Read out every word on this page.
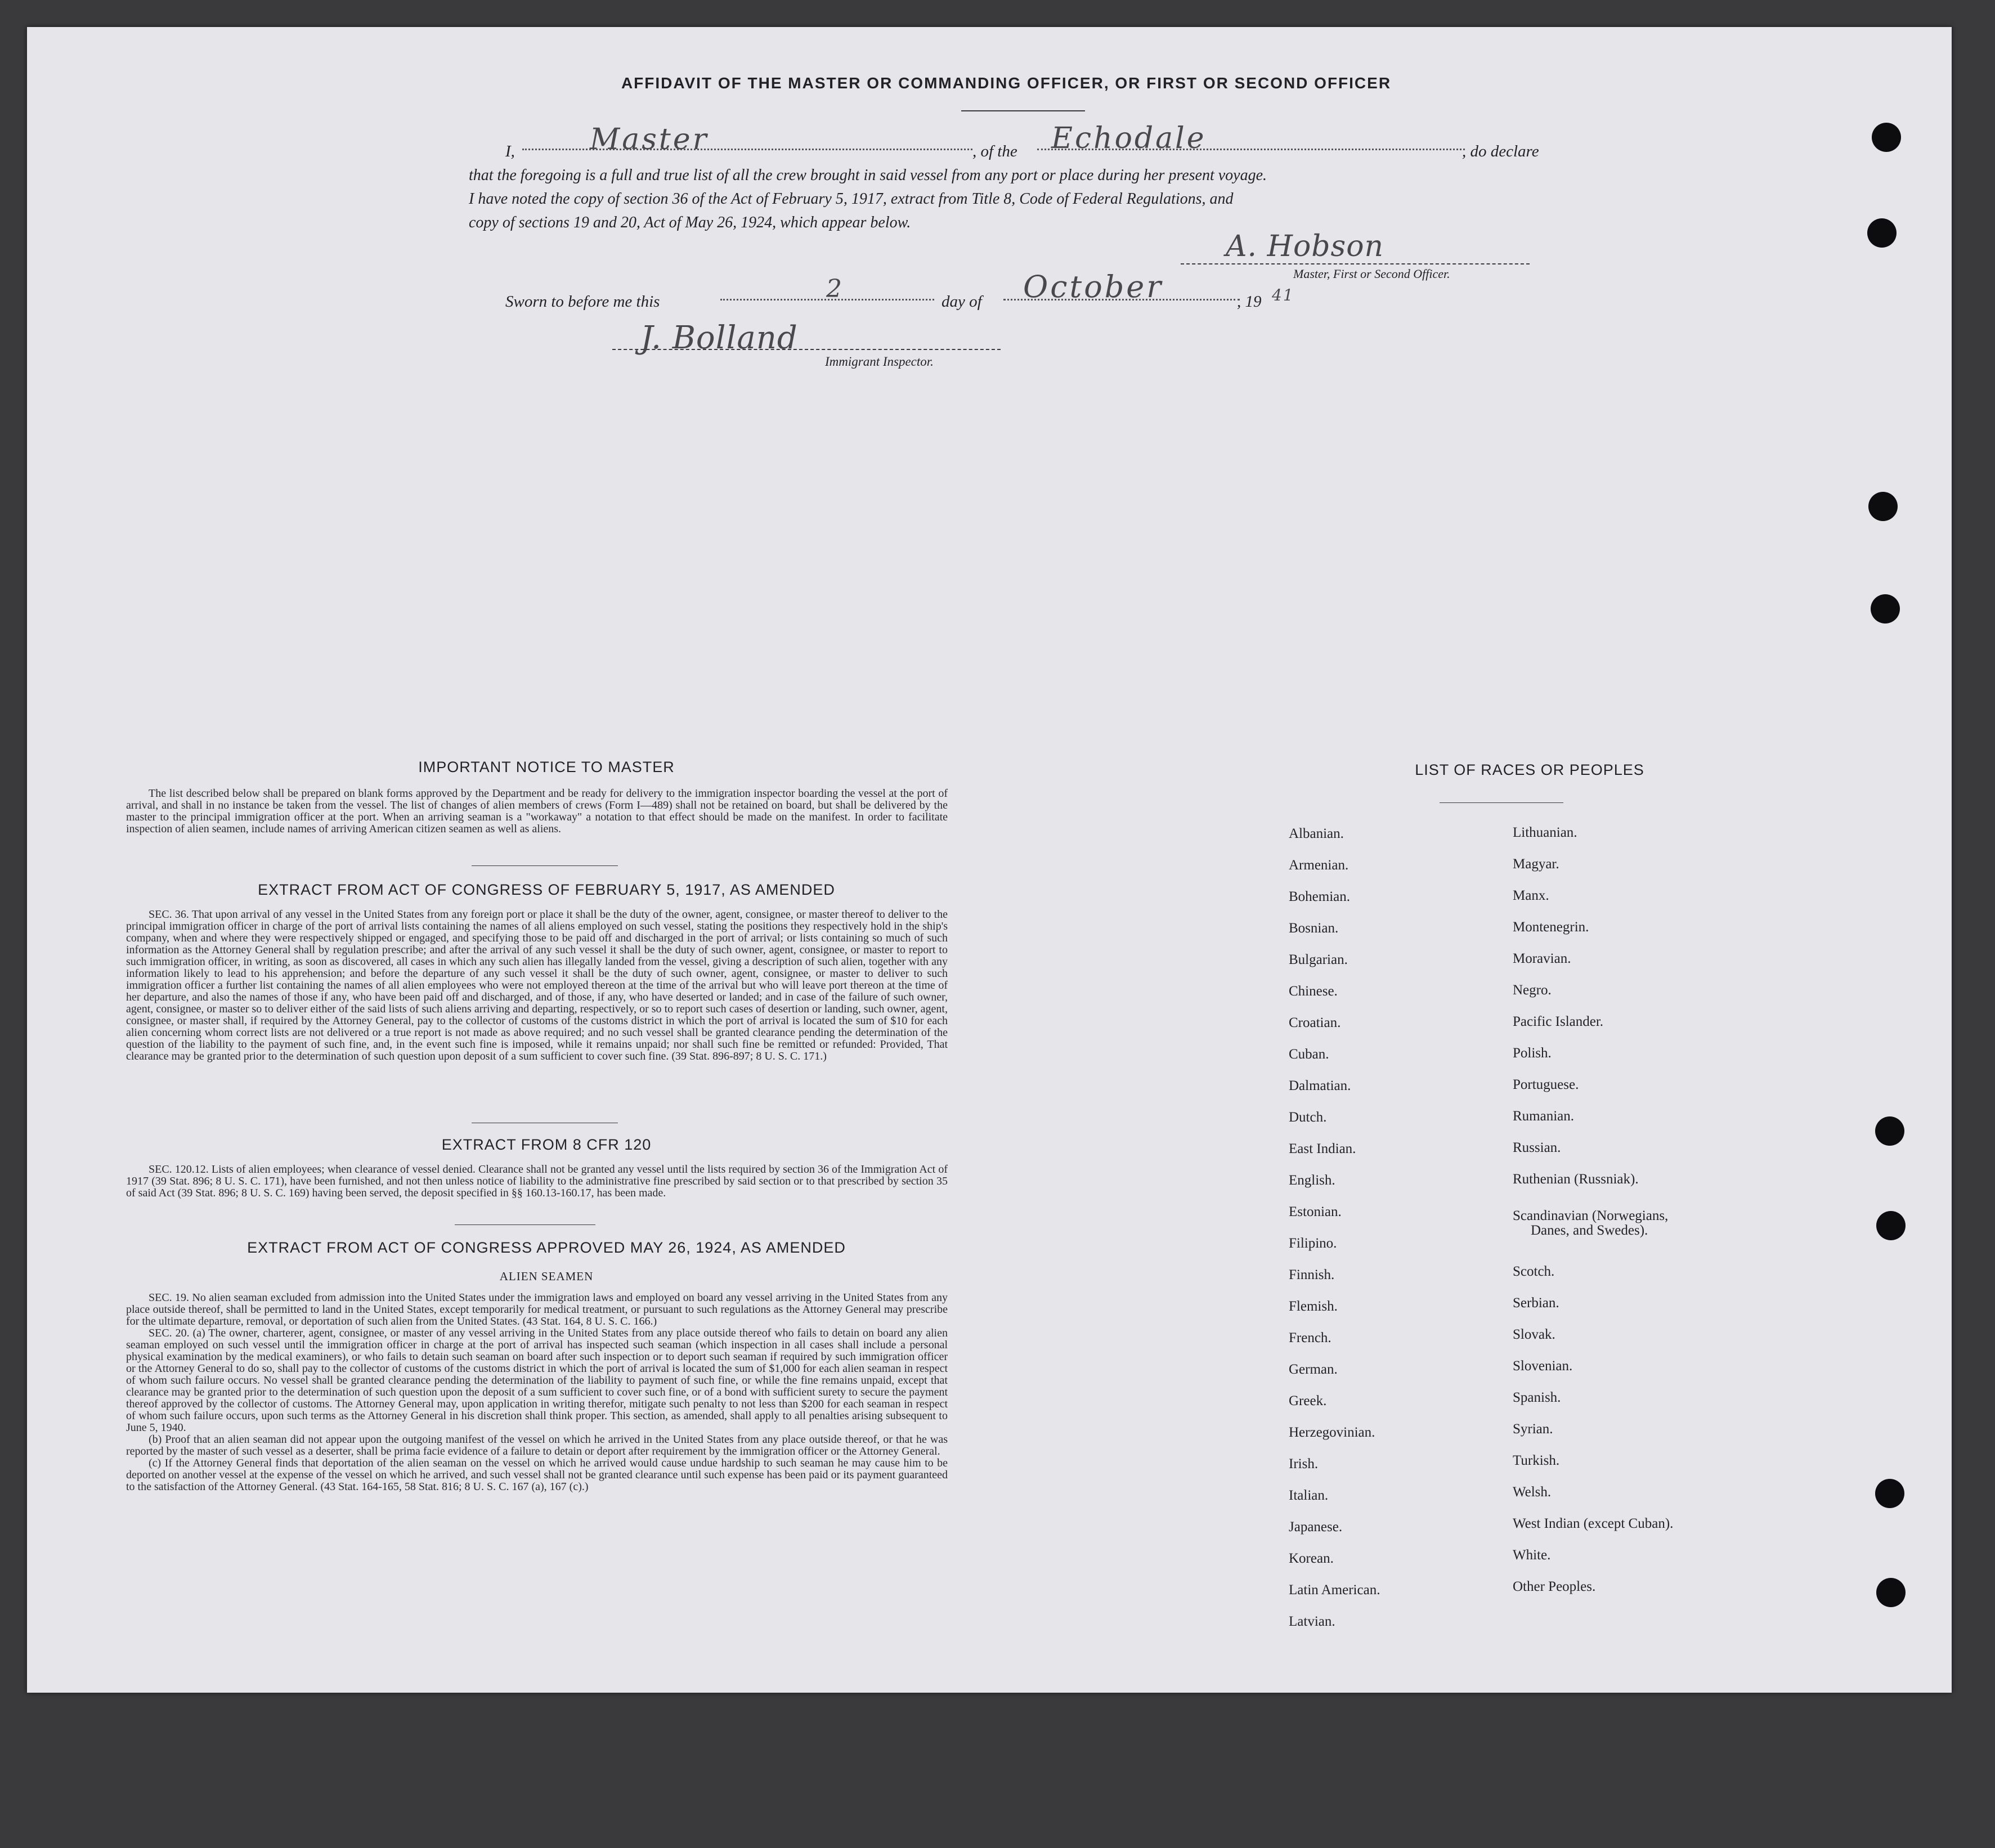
AFFIDAVIT OF THE MASTER OR COMMANDING OFFICER, OR FIRST OR SECOND OFFICER
I,	Master	, of the Echodale	, do declare
that the foregoing is a full and true list of all the crew brought in said vessel from any port or place during her present voyage.
I have noted the copy of section 36 of the Act of February 5, 1917, extract from Title 8, Code of Federal Regulations, and
copy of sections 19 and 20, Act of May 26, 1924, which appear below.
A. Hobson
Master, First or Second Officer.
Sworn to before me this	2	day of October	, 19 41
J. Bolland
Immigrant Inspector.
IMPORTANT NOTICE TO MASTER
The list described below shall be prepared on blank forms approved by the Department and be ready for delivery to the immigration inspector boarding the vessel at the port of arrival, and shall in no instance be taken from the vessel. The list of changes of alien members of crews (Form I—489) shall not be retained on board, but shall be delivered by the master to the principal immigration officer at the port. When an arriving seaman is a "workaway" a notation to that effect should be made on the manifest. In order to facilitate inspection of alien seamen, include names of arriving American citizen seamen as well as aliens.
EXTRACT FROM ACT OF CONGRESS OF FEBRUARY 5, 1917, AS AMENDED
SEC. 36. That upon arrival of any vessel in the United States from any foreign port or place it shall be the duty of the owner, agent, consignee, or master thereof to deliver to the principal immigration officer in charge of the port of arrival lists containing the names of all aliens employed on such vessel, stating the positions they respectively hold in the ship's company, when and where they were respectively shipped or engaged, and specifying those to be paid off and discharged in the port of arrival; or lists containing so much of such information as the Attorney General shall by regulation prescribe; and after the arrival of any such vessel it shall be the duty of such owner, agent, consignee, or master to report to such immigration officer, in writing, as soon as discovered, all cases in which any such alien has illegally landed from the vessel, giving a description of such alien, together with any information likely to lead to his apprehension; and before the departure of any such vessel it shall be the duty of such owner, agent, consignee, or master to deliver to such immigration officer a further list containing the names of all alien employees who were not employed thereon at the time of the arrival but who will leave port thereon at the time of her departure, and also the names of those if any, who have been paid off and discharged, and of those, if any, who have deserted or landed; and in case of the failure of such owner, agent, consignee, or master so to deliver either of the said lists of such aliens arriving and departing, respectively, or so to report such cases of desertion or landing, such owner, agent, consignee, or master shall, if required by the Attorney General, pay to the collector of customs of the customs district in which the port of arrival is located the sum of $10 for each alien concerning whom correct lists are not delivered or a true report is not made as above required; and no such vessel shall be granted clearance pending the determination of the question of the liability to the payment of such fine, and, in the event such fine is imposed, while it remains unpaid; nor shall such fine be remitted or refunded: Provided, That clearance may be granted prior to the determination of such question upon deposit of a sum sufficient to cover such fine. (39 Stat. 896-897; 8 U. S. C. 171.)
EXTRACT FROM 8 CFR 120
SEC. 120.12. Lists of alien employees; when clearance of vessel denied. Clearance shall not be granted any vessel until the lists required by section 36 of the Immigration Act of 1917 (39 Stat. 896; 8 U. S. C. 171), have been furnished, and not then unless notice of liability to the administrative fine prescribed by said section or to that prescribed by section 35 of said Act (39 Stat. 896; 8 U. S. C. 169) having been served, the deposit specified in §§ 160.13-160.17, has been made.
EXTRACT FROM ACT OF CONGRESS APPROVED MAY 26, 1924, AS AMENDED
ALIEN SEAMEN
SEC. 19. No alien seaman excluded from admission into the United States under the immigration laws and employed on board any vessel arriving in the United States from any place outside thereof, shall be permitted to land in the United States, except temporarily for medical treatment, or pursuant to such regulations as the Attorney General may prescribe for the ultimate departure, removal, or deportation of such alien from the United States. (43 Stat. 164, 8 U. S. C. 166.)
SEC. 20. (a) The owner, charterer, agent, consignee, or master of any vessel arriving in the United States from any place outside thereof who fails to detain on board any alien seaman employed on such vessel until the immigration officer in charge at the port of arrival has inspected such seaman (which inspection in all cases shall include a personal physical examination by the medical examiners), or who fails to detain such seaman on board after such inspection or to deport such seaman if required by such immigration officer or the Attorney General to do so, shall pay to the collector of customs of the customs district in which the port of arrival is located the sum of $1,000 for each alien seaman in respect of whom such failure occurs. No vessel shall be granted clearance pending the determination of the liability to payment of such fine, or while the fine remains unpaid, except that clearance may be granted prior to the determination of such question upon the deposit of a sum sufficient to cover such fine, or of a bond with sufficient surety to secure the payment thereof approved by the collector of customs. The Attorney General may, upon application in writing therefor, mitigate such penalty to not less than $200 for each seaman in respect of whom such failure occurs, upon such terms as the Attorney General in his discretion shall think proper. This section, as amended, shall apply to all penalties arising subsequent to June 5, 1940.
(b) Proof that an alien seaman did not appear upon the outgoing manifest of the vessel on which he arrived in the United States from any place outside thereof, or that he was reported by the master of such vessel as a deserter, shall be prima facie evidence of a failure to detain or deport after requirement by the immigration officer or the Attorney General.
(c) If the Attorney General finds that deportation of the alien seaman on the vessel on which he arrived would cause undue hardship to such seaman he may cause him to be deported on another vessel at the expense of the vessel on which he arrived, and such vessel shall not be granted clearance until such expense has been paid or its payment guaranteed to the satisfaction of the Attorney General. (43 Stat. 164-165, 58 Stat. 816; 8 U. S. C. 167 (a), 167 (c).)
LIST OF RACES OR PEOPLES
Albanian.
Armenian.
Bohemian.
Bosnian.
Bulgarian.
Chinese.
Croatian.
Cuban.
Dalmatian.
Dutch.
East Indian.
English.
Estonian.
Filipino.
Finnish.
Flemish.
French.
German.
Greek.
Herzegovinian.
Irish.
Italian.
Japanese.
Korean.
Latin American.
Latvian.
Lithuanian.
Magyar.
Manx.
Montenegrin.
Moravian.
Negro.
Pacific Islander.
Polish.
Portuguese.
Rumanian.
Russian.
Ruthenian (Russniak).
Scandinavian (Norwegians,
Danes, and Swedes).
Scotch.
Serbian.
Slovak.
Slovenian.
Spanish.
Syrian.
Turkish.
Welsh.
West Indian (except Cuban).
White.
Other Peoples.
